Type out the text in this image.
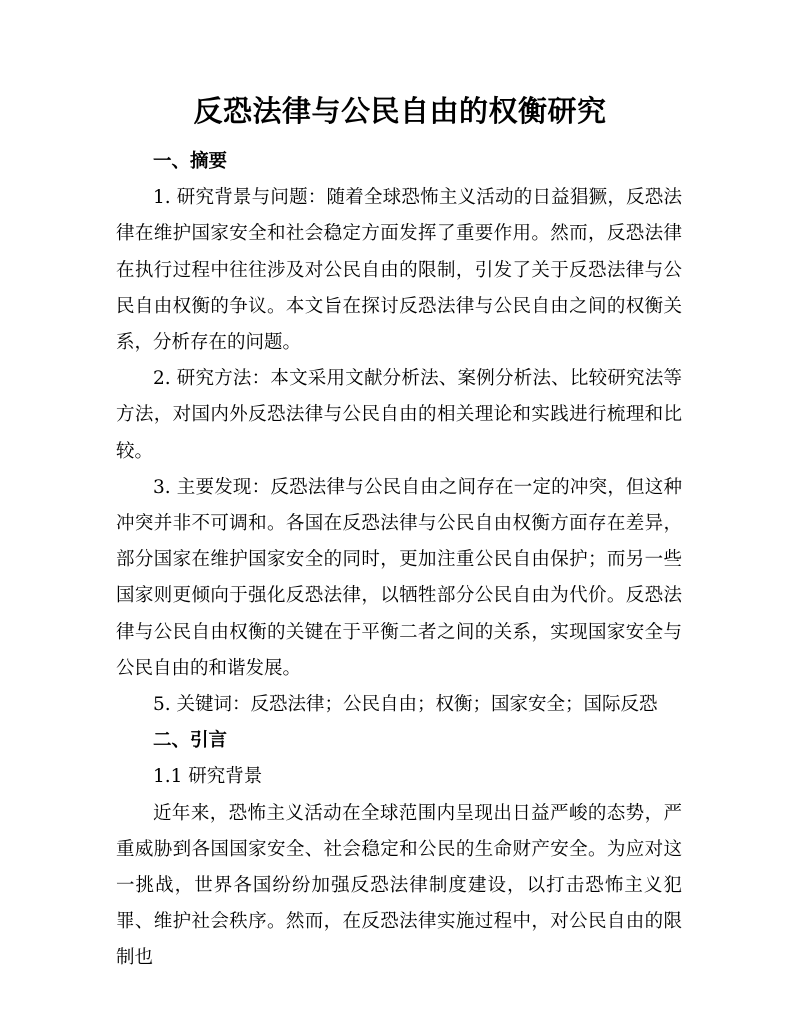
反恐法律与公民自由的权衡研究

一、摘要

1. 研究背景与问题：随着全球恐怖主义活动的日益猖獗，反恐法律在维护国家安全和社会稳定方面发挥了重要作用。然而，反恐法律在执行过程中往往涉及对公民自由的限制，引发了关于反恐法律与公民自由权衡的争议。本文旨在探讨反恐法律与公民自由之间的权衡关系，分析存在的问题。

2. 研究方法：本文采用文献分析法、案例分析法、比较研究法等方法，对国内外反恐法律与公民自由的相关理论和实践进行梳理和比较。

3. 主要发现：反恐法律与公民自由之间存在一定的冲突，但这种冲突并非不可调和。各国在反恐法律与公民自由权衡方面存在差异，部分国家在维护国家安全的同时，更加注重公民自由保护；而另一些国家则更倾向于强化反恐法律，以牺牲部分公民自由为代价。反恐法律与公民自由权衡的关键在于平衡二者之间的关系，实现国家安全与公民自由的和谐发展。

5. 关键词：反恐法律；公民自由；权衡；国家安全；国际反恐

二、引言

1.1 研究背景

近年来，恐怖主义活动在全球范围内呈现出日益严峻的态势，严重威胁到各国国家安全、社会稳定和公民的生命财产安全。为应对这一挑战，世界各国纷纷加强反恐法律制度建设，以打击恐怖主义犯罪、维护社会秩序。然而，在反恐法律实施过程中，对公民自由的限制也
